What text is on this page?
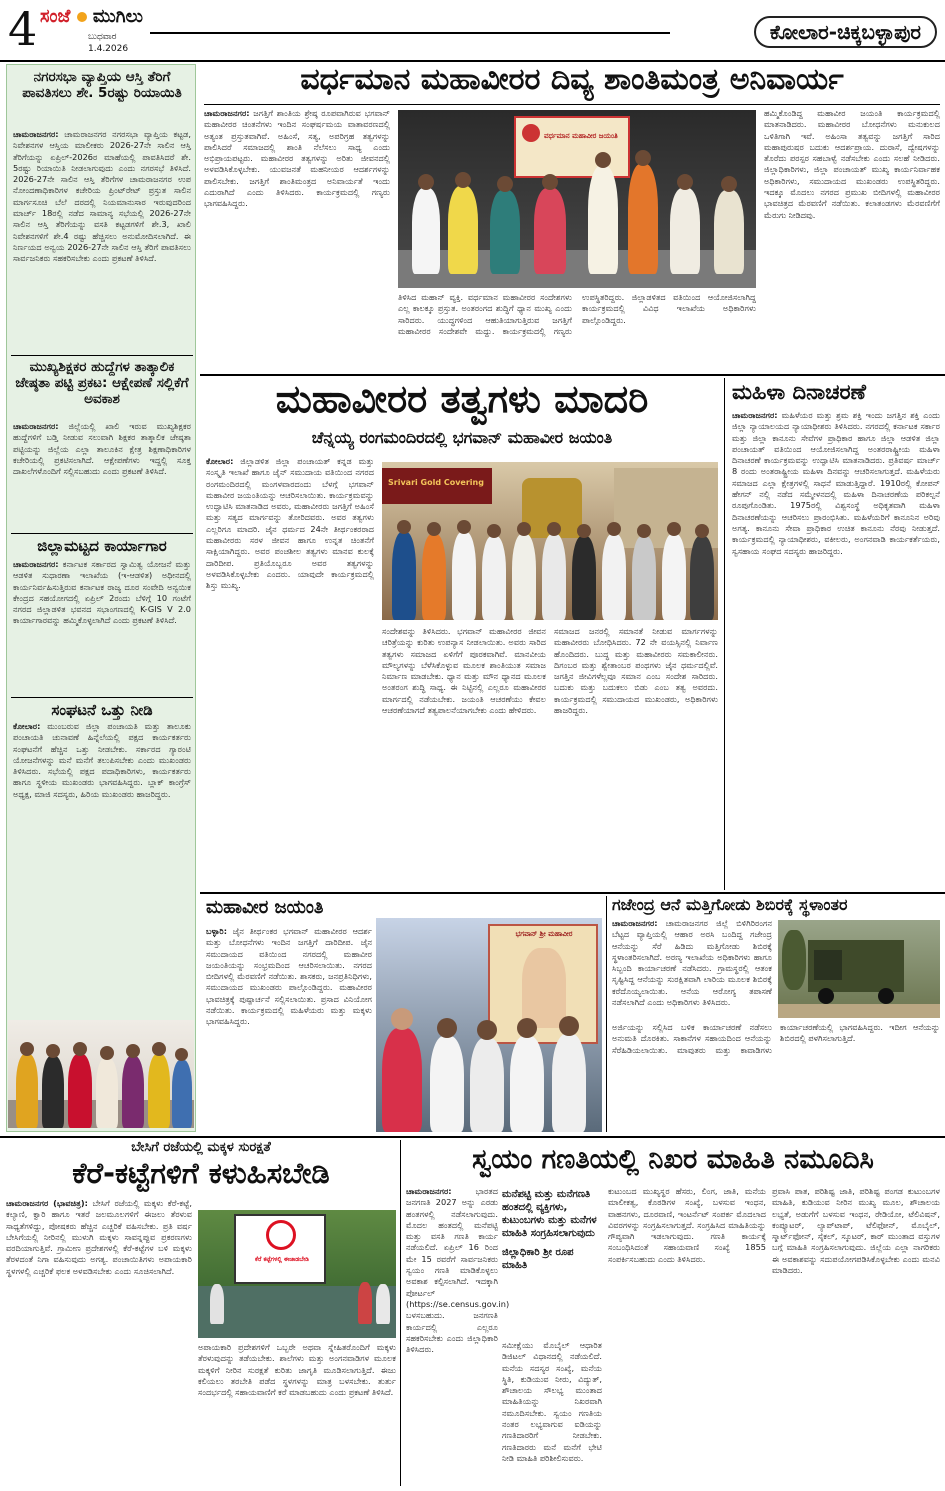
4 ಸಂಜೆ ಮುಗಿಲು
ಬುಧವಾರ
1.4.2026
ಕೋಲಾರ-ಚಿಕ್ಕಬಳ್ಳಾಪುರ
ನಗರಸಭಾ ವ್ಯಾಪ್ತಿಯ ಆಸ್ತಿ ತೆರಿಗೆ ಪಾವತಿಸಲು ಶೇ. 5ರಷ್ಟು ರಿಯಾಯಿತಿ
ಚಾಮರಾಜನಗರ: ಚಾಮರಾಜನಗರ ನಗರಸಭಾ ವ್ಯಾಪ್ತಿಯ ಕಟ್ಟಡ, ನಿವೇಶನಗಳ ಆಸ್ತಿಯ ಮಾಲೀಕರು 2026-27ನೇ ಸಾಲಿನ ಆಸ್ತಿ ತೆರಿಗೆಯನ್ನು ಏಪ್ರಿಲ್-2026ರ ಮಾಹೆಯಲ್ಲಿ ಪಾವತಿಸಿದರೆ ಶೇ. 5ರಷ್ಟು ರಿಯಾಯಿತಿ ನೀಡಲಾಗುವುದು ಎಂದು ನಗರಸಭೆ ತಿಳಿಸಿದೆ. 2026-27ನೇ ಸಾಲಿನ ಆಸ್ತಿ ತೆರಿಗೆಗಳ ಚಾಮರಾಜನಗರ ಉಪ ನೋಂದಣಾಧಿಕಾರಿಗಳ ಕಚೇರಿಯ ಪ್ರಿಂಟ್‌ರೇಟ್ ಪ್ರಸ್ತುತ ಸಾಲಿನ ಮಾರ್ಗಸೂಚಿ ಬೆಲೆ ದರದಲ್ಲಿ ನಿಯಮಾನುಸಾರ ಇರುವುದರಿಂದ ಮಾರ್ಚ್ 18ರಲ್ಲಿ ನಡೆದ ಸಾಮಾನ್ಯ ಸಭೆಯಲ್ಲಿ 2026-27ನೇ ಸಾಲಿನ ಆಸ್ತಿ ತೆರಿಗೆಯನ್ನು ವಸತಿ ಕಟ್ಟಡಗಳಿಗೆ ಶೇ.3, ಖಾಲಿ ನಿವೇಶನಗಳಿಗೆ ಶೇ.4 ರಷ್ಟು ಹೆಚ್ಚಿಸಲು ಅನುಮೋದಿಸಲಾಗಿದೆ. ಈ ನಿರ್ಣಯದ ಅನ್ವಯ 2026-27ನೇ ಸಾಲಿನ ಆಸ್ತಿ ತೆರಿಗೆ ಪಾವತಿಸಲು ಸಾರ್ವಜನಿಕರು ಸಹಕರಿಸಬೇಕು ಎಂದು ಪ್ರಕಟಣೆ ತಿಳಿಸಿದೆ.
ಮುಖ್ಯಶಿಕ್ಷಕರ ಹುದ್ದೆಗಳ ತಾತ್ಕಾಲಿಕ ಜೇಷ್ಠತಾ ಪಟ್ಟಿ ಪ್ರಕಟ: ಆಕ್ಷೇಪಣೆ ಸಲ್ಲಿಕೆಗೆ ಅವಕಾಶ
ಚಾಮರಾಜನಗರ: ಜಿಲ್ಲೆಯಲ್ಲಿ ಖಾಲಿ ಇರುವ ಮುಖ್ಯಶಿಕ್ಷಕರ ಹುದ್ದೆಗಳಿಗೆ ಬಡ್ತಿ ನೀಡುವ ಸಲುವಾಗಿ ಶಿಕ್ಷಕರ ತಾತ್ಕಾಲಿಕ ಜೇಷ್ಠತಾ ಪಟ್ಟಿಯನ್ನು ಜಿಲ್ಲೆಯ ಎಲ್ಲಾ ತಾಲೂಕಿನ ಕ್ಷೇತ್ರ ಶಿಕ್ಷಣಾಧಿಕಾರಿಗಳ ಕಚೇರಿಯಲ್ಲಿ ಪ್ರಕಟಿಸಲಾಗಿದೆ. ಆಕ್ಷೇಪಣೆಗಳು ಇದ್ದಲ್ಲಿ ಸೂಕ್ತ ದಾಖಲೆಗಳೊಂದಿಗೆ ಸಲ್ಲಿಸಬಹುದು ಎಂದು ಪ್ರಕಟಣೆ ತಿಳಿಸಿದೆ.
ಜಿಲ್ಲಾಮಟ್ಟದ ಕಾರ್ಯಾಗಾರ
ಚಾಮರಾಜನಗರ: ಕರ್ನಾಟಕ ಸರ್ಕಾರದ ಸ್ವಾಮಿತ್ವ ಯೋಜನೆ ಮತ್ತು ಆಡಳಿತ ಸುಧಾರಣಾ ಇಲಾಖೆಯ (ಇ-ಆಡಳಿತ) ಅಧೀನದಲ್ಲಿ ಕಾರ್ಯನಿರ್ವಹಿಸುತ್ತಿರುವ ಕರ್ನಾಟಕ ರಾಜ್ಯ ದೂರ ಸಂವೇದಿ ಅನ್ವಯಿಕ ಕೇಂದ್ರದ ಸಹಯೋಗದಲ್ಲಿ ಏಪ್ರಿಲ್ 2ರಂದು ಬೆಳಿಗ್ಗೆ 10 ಗಂಟೆಗೆ ನಗರದ ಜಿಲ್ಲಾಡಳಿತ ಭವನದ ಸಭಾಂಗಣದಲ್ಲಿ K-GIS V 2.0 ಕಾರ್ಯಾಗಾರವನ್ನು ಹಮ್ಮಿಕೊಳ್ಳಲಾಗಿದೆ ಎಂದು ಪ್ರಕಟಣೆ ತಿಳಿಸಿದೆ.
ಸಂಘಟನೆ ಒತ್ತು ನೀಡಿ
ಕೋಲಾರ: ಮುಂಬರುವ ಜಿಲ್ಲಾ ಪಂಚಾಯತಿ ಮತ್ತು ತಾಲೂಕು ಪಂಚಾಯತಿ ಚುನಾವಣೆ ಹಿನ್ನೆಲೆಯಲ್ಲಿ ಪಕ್ಷದ ಕಾರ್ಯಕರ್ತರು ಸಂಘಟನೆಗೆ ಹೆಚ್ಚಿನ ಒತ್ತು ನೀಡಬೇಕು. ಸರ್ಕಾರದ ಗ್ಯಾರಂಟಿ ಯೋಜನೆಗಳನ್ನು ಮನೆ ಮನೆಗೆ ತಲುಪಿಸಬೇಕು ಎಂದು ಮುಖಂಡರು ತಿಳಿಸಿದರು. ಸಭೆಯಲ್ಲಿ ಪಕ್ಷದ ಪದಾಧಿಕಾರಿಗಳು, ಕಾರ್ಯಕರ್ತರು ಹಾಗೂ ಸ್ಥಳೀಯ ಮುಖಂಡರು ಭಾಗವಹಿಸಿದ್ದರು. ಬ್ಲಾಕ್ ಕಾಂಗ್ರೆಸ್ ಅಧ್ಯಕ್ಷ, ಮಾಜಿ ಸದಸ್ಯರು, ಹಿರಿಯ ಮುಖಂಡರು ಹಾಜರಿದ್ದರು.
ವರ್ಧಮಾನ ಮಹಾವೀರರ ದಿವ್ಯ ಶಾಂತಿಮಂತ್ರ ಅನಿವಾರ್ಯ
ಚಾಮರಾಜನಗರ: ಜಗತ್ತಿಗೆ ಶಾಂತಿಯ ಶ್ರೇಷ್ಠ ರೂಪವಾಗಿರುವ ಭಗವಾನ್ ಮಹಾವೀರರ ಚಿಂತನೆಗಳು ಇಂದಿನ ಸಂಘರ್ಷಮಯ ವಾತಾವರಣದಲ್ಲಿ ಅತ್ಯಂತ ಪ್ರಸ್ತುತವಾಗಿವೆ. ಅಹಿಂಸೆ, ಸತ್ಯ, ಅಪರಿಗ್ರಹ ತತ್ವಗಳನ್ನು ಪಾಲಿಸಿದರೆ ಸಮಾಜದಲ್ಲಿ ಶಾಂತಿ ನೆಲೆಸಲು ಸಾಧ್ಯ ಎಂದು ಅಭಿಪ್ರಾಯಪಟ್ಟರು. ಮಹಾವೀರರ ತತ್ವಗಳನ್ನು ಅರಿತು ಜೀವನದಲ್ಲಿ ಅಳವಡಿಸಿಕೊಳ್ಳಬೇಕು. ಯುವಜನತೆ ಮಹನೀಯರ ಆದರ್ಶಗಳನ್ನು ಪಾಲಿಸಬೇಕು. ಜಗತ್ತಿಗೆ ಶಾಂತಿಮಂತ್ರದ ಅನಿವಾರ್ಯತೆ ಇಂದು ಎದುರಾಗಿದೆ ಎಂದು ತಿಳಿಸಿದರು. ಕಾರ್ಯಕ್ರಮದಲ್ಲಿ ಗಣ್ಯರು ಭಾಗವಹಿಸಿದ್ದರು.
ವರ್ಧಮಾನ ಮಹಾವೀರ ಜಯಂತಿ
ತಿಳಿಸಿದ ಮಹಾನ್ ವ್ಯಕ್ತಿ. ವರ್ಧಮಾನ ಮಹಾವೀರರ ಸಂದೇಶಗಳು ಎಲ್ಲ ಕಾಲಕ್ಕೂ ಪ್ರಸ್ತುತ. ಅಂತರಂಗದ ಶುದ್ಧಿಗೆ ಧ್ಯಾನ ಮುಖ್ಯ ಎಂದು ಸಾರಿದರು. ಯುದ್ಧಗಳಿಂದ ಆಹುತಿಯಾಗುತ್ತಿರುವ ಜಗತ್ತಿಗೆ ಮಹಾವೀರರ ಸಂದೇಶವೇ ಮದ್ದು. ಕಾರ್ಯಕ್ರಮದಲ್ಲಿ ಗಣ್ಯರು ಉಪಸ್ಥಿತರಿದ್ದರು. ಜಿಲ್ಲಾಡಳಿತದ ವತಿಯಿಂದ ಆಯೋಜಿಸಲಾಗಿದ್ದ ಕಾರ್ಯಕ್ರಮದಲ್ಲಿ ವಿವಿಧ ಇಲಾಖೆಯ ಅಧಿಕಾರಿಗಳು ಪಾಲ್ಗೊಂಡಿದ್ದರು.
ಹಮ್ಮಿಕೊಂಡಿದ್ದ ಮಹಾವೀರ ಜಯಂತಿ ಕಾರ್ಯಕ್ರಮದಲ್ಲಿ ಮಾತನಾಡಿದರು. ಮಹಾವೀರರ ಬೋಧನೆಗಳು ಮನುಕುಲದ ಒಳಿತಿಗಾಗಿ ಇವೆ. ಅಹಿಂಸಾ ತತ್ವವನ್ನು ಜಗತ್ತಿಗೆ ಸಾರಿದ ಮಹಾಪುರುಷರ ಬದುಕು ಆದರ್ಶಪ್ರಾಯ. ದುರಾಸೆ, ದ್ವೇಷಗಳನ್ನು ತೊರೆದು ಪರಸ್ಪರ ಸಹಬಾಳ್ವೆ ನಡೆಸಬೇಕು ಎಂದು ಸಲಹೆ ನೀಡಿದರು. ಜಿಲ್ಲಾಧಿಕಾರಿಗಳು, ಜಿಲ್ಲಾ ಪಂಚಾಯತ್ ಮುಖ್ಯ ಕಾರ್ಯನಿರ್ವಾಹಕ ಅಧಿಕಾರಿಗಳು, ಸಮುದಾಯದ ಮುಖಂಡರು ಉಪಸ್ಥಿತರಿದ್ದರು. ಇದಕ್ಕೂ ಮೊದಲು ನಗರದ ಪ್ರಮುಖ ಬೀದಿಗಳಲ್ಲಿ ಮಹಾವೀರರ ಭಾವಚಿತ್ರದ ಮೆರವಣಿಗೆ ನಡೆಯಿತು. ಕಲಾತಂಡಗಳು ಮೆರವಣಿಗೆಗೆ ಮೆರುಗು ನೀಡಿದವು.
ಮಹಾವೀರರ ತತ್ವಗಳು ಮಾದರಿ
ಚೆನ್ನಯ್ಯ ರಂಗಮಂದಿರದಲ್ಲಿ ಭಗವಾನ್ ಮಹಾವೀರ ಜಯಂತಿ
ಕೋಲಾರ: ಜಿಲ್ಲಾಡಳಿತ ಜಿಲ್ಲಾ ಪಂಚಾಯತ್ ಕನ್ನಡ ಮತ್ತು ಸಂಸ್ಕೃತಿ ಇಲಾಖೆ ಹಾಗೂ ಜೈನ್ ಸಮುದಾಯ ವತಿಯಿಂದ ನಗರದ ರಂಗಮಂದಿರದಲ್ಲಿ ಮಂಗಳವಾರದಂದು ಬೆಳಗ್ಗೆ ಭಗವಾನ್ ಮಹಾವೀರ ಜಯಂತಿಯನ್ನು ಆಚರಿಸಲಾಯಿತು. ಕಾರ್ಯಕ್ರಮವನ್ನು ಉದ್ಘಾಟಿಸಿ ಮಾತನಾಡಿದ ಅವರು, ಮಹಾವೀರರು ಜಗತ್ತಿಗೆ ಅಹಿಂಸೆ ಮತ್ತು ಸತ್ಯದ ಮಾರ್ಗವನ್ನು ತೋರಿದವರು. ಅವರ ತತ್ವಗಳು ಎಲ್ಲರಿಗೂ ಮಾದರಿ. ಜೈನ ಧರ್ಮದ 24ನೇ ತೀರ್ಥಂಕರರಾದ ಮಹಾವೀರರು ಸರಳ ಜೀವನ ಹಾಗೂ ಉನ್ನತ ಚಿಂತನೆಗೆ ಸಾಕ್ಷಿಯಾಗಿದ್ದರು. ಅವರ ಪಂಚಶೀಲ ತತ್ವಗಳು ಮಾನವ ಕುಲಕ್ಕೆ ದಾರಿದೀಪ. ಪ್ರತಿಯೊಬ್ಬರೂ ಅವರ ತತ್ವಗಳನ್ನು ಅಳವಡಿಸಿಕೊಳ್ಳಬೇಕು ಎಂದರು. ಯಾವುದೇ ಕಾರ್ಯಕ್ರಮದಲ್ಲಿ ಶಿಸ್ತು ಮುಖ್ಯ.
Srivari Gold Covering
ಸಂದೇಶವನ್ನು ತಿಳಿಸಿದರು. ಭಗವಾನ್ ಮಹಾವೀರರ ಜೀವನ ಚರಿತ್ರೆಯನ್ನು ಕುರಿತು ಉಪನ್ಯಾಸ ನೀಡಲಾಯಿತು. ಅವರು ಸಾರಿದ ತತ್ವಗಳು ಸಮಾಜದ ಏಳಿಗೆಗೆ ಪೂರಕವಾಗಿವೆ. ಮಾನವೀಯ ಮೌಲ್ಯಗಳನ್ನು ಬೆಳೆಸಿಕೊಳ್ಳುವ ಮೂಲಕ ಶಾಂತಿಯುತ ಸಮಾಜ ನಿರ್ಮಾಣ ಮಾಡಬೇಕು. ಧ್ಯಾನ ಮತ್ತು ಮೌನ ಧ್ಯಾನದ ಮೂಲಕ ಅಂತರಂಗ ಶುದ್ಧಿ ಸಾಧ್ಯ. ಈ ನಿಟ್ಟಿನಲ್ಲಿ ಎಲ್ಲರೂ ಮಹಾವೀರರ ಮಾರ್ಗದಲ್ಲಿ ನಡೆಯಬೇಕು. ಜಯಂತಿ ಆಚರಣೆಯು ಕೇವಲ ಆಚರಣೆಯಾಗದೆ ತತ್ವಪಾಲನೆಯಾಗಬೇಕು ಎಂದು ಹೇಳಿದರು.
ಸಮಾಜದ ಜನರಲ್ಲಿ ಸಮಾನತೆ ನೀಡುವ ಮಾರ್ಗಗಳನ್ನು ಮಹಾವೀರರು ಬೋಧಿಸಿದರು. 72 ನೇ ವಯಸ್ಸಿನಲ್ಲಿ ನಿರ್ವಾಣ ಹೊಂದಿದರು. ಬುದ್ಧ ಮತ್ತು ಮಹಾವೀರರು ಸಮಕಾಲೀನರು. ದಿಗಂಬರ ಮತ್ತು ಶ್ವೇತಾಂಬರ ಪಂಥಗಳು ಜೈನ ಧರ್ಮದಲ್ಲಿವೆ. ಜಗತ್ತಿನ ಜೀವಿಗಳೆಲ್ಲವೂ ಸಮಾನ ಎಂಬ ಸಂದೇಶ ಸಾರಿದರು. ಬದುಕು ಮತ್ತು ಬದುಕಲು ಬಿಡು ಎಂಬ ತತ್ವ ಅವರದು. ಕಾರ್ಯಕ್ರಮದಲ್ಲಿ ಸಮುದಾಯದ ಮುಖಂಡರು, ಅಧಿಕಾರಿಗಳು ಹಾಜರಿದ್ದರು.
ಮಹಿಳಾ ದಿನಾಚರಣೆ
ಚಾಮರಾಜನಗರ: ಮಹಿಳೆಯರ ಮತ್ತು ಶ್ರಮ ಶಕ್ತಿ ಇಂದು ಜಗತ್ತಿನ ಶಕ್ತಿ ಎಂದು ಜಿಲ್ಲಾ ನ್ಯಾಯಾಲಯದ ನ್ಯಾಯಾಧೀಶರು ತಿಳಿಸಿದರು. ನಗರದಲ್ಲಿ ಕರ್ನಾಟಕ ಸರ್ಕಾರ ಮತ್ತು ಜಿಲ್ಲಾ ಕಾನೂನು ಸೇವೆಗಳ ಪ್ರಾಧಿಕಾರ ಹಾಗೂ ಜಿಲ್ಲಾ ಆಡಳಿತ ಜಿಲ್ಲಾ ಪಂಚಾಯತ್ ವತಿಯಿಂದ ಆಯೋಜಿಸಲಾಗಿದ್ದ ಅಂತರರಾಷ್ಟ್ರೀಯ ಮಹಿಳಾ ದಿನಾಚರಣೆ ಕಾರ್ಯಕ್ರಮವನ್ನು ಉದ್ಘಾಟಿಸಿ ಮಾತನಾಡಿದರು. ಪ್ರತಿವರ್ಷ ಮಾರ್ಚ್ 8 ರಂದು ಅಂತರಾಷ್ಟ್ರೀಯ ಮಹಿಳಾ ದಿನವನ್ನು ಆಚರಿಸಲಾಗುತ್ತದೆ. ಮಹಿಳೆಯರು ಸಮಾಜದ ಎಲ್ಲಾ ಕ್ಷೇತ್ರಗಳಲ್ಲಿ ಸಾಧನೆ ಮಾಡುತ್ತಿದ್ದಾರೆ. 1910ರಲ್ಲಿ ಕೋಪನ್ ಹೇಗನ್ ನಲ್ಲಿ ನಡೆದ ಸಮ್ಮೇಳನದಲ್ಲಿ ಮಹಿಳಾ ದಿನಾಚರಣೆಯ ಪರಿಕಲ್ಪನೆ ರೂಪುಗೊಂಡಿತು. 1975ರಲ್ಲಿ ವಿಶ್ವಸಂಸ್ಥೆ ಅಧಿಕೃತವಾಗಿ ಮಹಿಳಾ ದಿನಾಚರಣೆಯನ್ನು ಆಚರಿಸಲು ಪ್ರಾರಂಭಿಸಿತು. ಮಹಿಳೆಯರಿಗೆ ಕಾನೂನಿನ ಅರಿವು ಅಗತ್ಯ. ಕಾನೂನು ಸೇವಾ ಪ್ರಾಧಿಕಾರ ಉಚಿತ ಕಾನೂನು ನೆರವು ನೀಡುತ್ತದೆ. ಕಾರ್ಯಕ್ರಮದಲ್ಲಿ ನ್ಯಾಯಾಧೀಶರು, ವಕೀಲರು, ಅಂಗನವಾಡಿ ಕಾರ್ಯಕರ್ತೆಯರು, ಸ್ವಸಹಾಯ ಸಂಘದ ಸದಸ್ಯರು ಹಾಜರಿದ್ದರು.
ಮಹಾವೀರ ಜಯಂತಿ
ಬಳ್ಳಾರಿ: ಜೈನ ತೀರ್ಥಂಕರ ಭಗವಾನ್ ಮಹಾವೀರರ ಆದರ್ಶ ಮತ್ತು ಬೋಧನೆಗಳು ಇಂದಿನ ಜಗತ್ತಿಗೆ ದಾರಿದೀಪ. ಜೈನ ಸಮುದಾಯದ ವತಿಯಿಂದ ನಗರದಲ್ಲಿ ಮಹಾವೀರ ಜಯಂತಿಯನ್ನು ಸಂಭ್ರಮದಿಂದ ಆಚರಿಸಲಾಯಿತು. ನಗರದ ಬೀದಿಗಳಲ್ಲಿ ಮೆರವಣಿಗೆ ನಡೆಯಿತು. ಶಾಸಕರು, ಜನಪ್ರತಿನಿಧಿಗಳು, ಸಮುದಾಯದ ಮುಖಂಡರು ಪಾಲ್ಗೊಂಡಿದ್ದರು. ಮಹಾವೀರರ ಭಾವಚಿತ್ರಕ್ಕೆ ಪುಷ್ಪಾರ್ಚನೆ ಸಲ್ಲಿಸಲಾಯಿತು. ಪ್ರಸಾದ ವಿನಿಯೋಗ ನಡೆಯಿತು. ಕಾರ್ಯಕ್ರಮದಲ್ಲಿ ಮಹಿಳೆಯರು ಮತ್ತು ಮಕ್ಕಳು ಭಾಗವಹಿಸಿದ್ದರು.
ಭಗವಾನ್ ಶ್ರೀ ಮಹಾವೀರ
ಗಜೇಂದ್ರ ಆನೆ ಮತ್ತಿಗೋಡು ಶಿಬಿರಕ್ಕೆ ಸ್ಥಳಾಂತರ
ಚಾಮರಾಜನಗರ: ಚಾಮರಾಜನಗರ ಜಿಲ್ಲೆ ಬಿಳಿಗಿರಿರಂಗನ ಬೆಟ್ಟದ ವ್ಯಾಪ್ತಿಯಲ್ಲಿ ಆಹಾರ ಅರಸಿ ಬಂದಿದ್ದ ಗಜೇಂದ್ರ ಆನೆಯನ್ನು ಸೆರೆ ಹಿಡಿದು ಮತ್ತಿಗೋಡು ಶಿಬಿರಕ್ಕೆ ಸ್ಥಳಾಂತರಿಸಲಾಗಿದೆ. ಅರಣ್ಯ ಇಲಾಖೆಯ ಅಧಿಕಾರಿಗಳು ಹಾಗೂ ಸಿಬ್ಬಂದಿ ಕಾರ್ಯಾಚರಣೆ ನಡೆಸಿದರು. ಗ್ರಾಮಸ್ಥರಲ್ಲಿ ಆತಂಕ ಸೃಷ್ಟಿಸಿದ್ದ ಆನೆಯನ್ನು ಸುರಕ್ಷಿತವಾಗಿ ಲಾರಿಯ ಮೂಲಕ ಶಿಬಿರಕ್ಕೆ ಕರೆದೊಯ್ಯಲಾಯಿತು. ಆನೆಯ ಆರೋಗ್ಯ ತಪಾಸಣೆ ನಡೆಸಲಾಗಿದೆ ಎಂದು ಅಧಿಕಾರಿಗಳು ತಿಳಿಸಿದರು.
ಅರ್ಜಿಯನ್ನು ಸಲ್ಲಿಸಿದ ಬಳಿಕ ಕಾರ್ಯಾಚರಣೆ ನಡೆಸಲು ಅನುಮತಿ ದೊರಕಿತು. ಸಾಕಾನೆಗಳ ಸಹಾಯದಿಂದ ಆನೆಯನ್ನು ಸೆರೆಹಿಡಿಯಲಾಯಿತು. ಮಾವುತರು ಮತ್ತು ಕಾವಾಡಿಗಳು ಕಾರ್ಯಾಚರಣೆಯಲ್ಲಿ ಭಾಗವಹಿಸಿದ್ದರು. ಇದೀಗ ಆನೆಯನ್ನು ಶಿಬಿರದಲ್ಲಿ ಪಳಗಿಸಲಾಗುತ್ತಿದೆ.
ಬೇಸಿಗೆ ರಜೆಯಲ್ಲಿ ಮಕ್ಕಳ ಸುರಕ್ಷತೆ
ಕೆರೆ-ಕಟ್ಟೆಗಳಿಗೆ ಕಳುಹಿಸಬೇಡಿ
ಚಾಮರಾಜನಗರ (ಭಾವಚಿತ್ರ): ಬೇಸಿಗೆ ರಜೆಯಲ್ಲಿ ಮಕ್ಕಳು ಕೆರೆ-ಕಟ್ಟೆ, ಕಲ್ಯಾಣಿ, ಕ್ವಾರಿ ಹಾಗೂ ಇತರೆ ಜಲಮೂಲಗಳಿಗೆ ಈಜಲು ತೆರಳುವ ಸಾಧ್ಯತೆಗಳಿದ್ದು, ಪೋಷಕರು ಹೆಚ್ಚಿನ ಎಚ್ಚರಿಕೆ ವಹಿಸಬೇಕು. ಪ್ರತಿ ವರ್ಷ ಬೇಸಿಗೆಯಲ್ಲಿ ನೀರಿನಲ್ಲಿ ಮುಳುಗಿ ಮಕ್ಕಳು ಸಾವನ್ನಪ್ಪುವ ಪ್ರಕರಣಗಳು ವರದಿಯಾಗುತ್ತಿವೆ. ಗ್ರಾಮೀಣ ಪ್ರದೇಶಗಳಲ್ಲಿ ಕೆರೆ-ಕಟ್ಟೆಗಳ ಬಳಿ ಮಕ್ಕಳು ತೆರಳದಂತೆ ನಿಗಾ ವಹಿಸುವುದು ಅಗತ್ಯ. ಪಂಚಾಯಿತಿಗಳು ಅಪಾಯಕಾರಿ ಸ್ಥಳಗಳಲ್ಲಿ ಎಚ್ಚರಿಕೆ ಫಲಕ ಅಳವಡಿಸಬೇಕು ಎಂದು ಸೂಚಿಸಲಾಗಿದೆ.
ಕೆರೆ ಕಟ್ಟೆಗಳಲ್ಲಿ ಈಜಾಡಬೇಡಿ
ಅಪಾಯಕಾರಿ ಪ್ರದೇಶಗಳಿಗೆ ಒಬ್ಬರೇ ಅಥವಾ ಸ್ನೇಹಿತರೊಂದಿಗೆ ಮಕ್ಕಳು ತೆರಳುವುದನ್ನು ತಡೆಯಬೇಕು. ಶಾಲೆಗಳು ಮತ್ತು ಅಂಗನವಾಡಿಗಳ ಮೂಲಕ ಮಕ್ಕಳಿಗೆ ನೀರಿನ ಸುರಕ್ಷತೆ ಕುರಿತು ಜಾಗೃತಿ ಮೂಡಿಸಲಾಗುತ್ತಿದೆ. ಈಜು ಕಲಿಯಲು ತರಬೇತಿ ಪಡೆದ ಸ್ಥಳಗಳನ್ನು ಮಾತ್ರ ಬಳಸಬೇಕು. ತುರ್ತು ಸಂದರ್ಭದಲ್ಲಿ ಸಹಾಯವಾಣಿಗೆ ಕರೆ ಮಾಡಬಹುದು ಎಂದು ಪ್ರಕಟಣೆ ತಿಳಿಸಿದೆ.
ಸ್ವಯಂ ಗಣತಿಯಲ್ಲಿ ನಿಖರ ಮಾಹಿತಿ ನಮೂದಿಸಿ
ಚಾಮರಾಜನಗರ:	ಭಾರತದ ಜನಗಣತಿ 2027 ಅನ್ನು ಎರಡು ಹಂತಗಳಲ್ಲಿ ನಡೆಸಲಾಗುವುದು. ಮೊದಲ ಹಂತದಲ್ಲಿ ಮನೆಪಟ್ಟಿ ಮತ್ತು ವಸತಿ ಗಣತಿ ಕಾರ್ಯ ನಡೆಯಲಿದೆ. ಏಪ್ರಿಲ್ 16 ರಿಂದ ಮೇ 15 ರವರೆಗೆ ಸಾರ್ವಜನಿಕರು ಸ್ವಯಂ ಗಣತಿ ಮಾಡಿಕೊಳ್ಳಲು ಅವಕಾಶ ಕಲ್ಪಿಸಲಾಗಿದೆ. ಇದಕ್ಕಾಗಿ ಪೋರ್ಟಲ್ (https://se.census.gov.in) ಬಳಸಬಹುದು. ಜನಗಣತಿ ಕಾರ್ಯದಲ್ಲಿ ಎಲ್ಲರೂ ಸಹಕರಿಸಬೇಕು ಎಂದು ಜಿಲ್ಲಾಧಿಕಾರಿ ತಿಳಿಸಿದರು.
ಮನೆಪಟ್ಟಿ ಮತ್ತು ಮನೆಗಣತಿ ಹಂತದಲ್ಲಿ ವ್ಯಕ್ತಿಗಳು, ಕುಟುಂಬಗಳು ಮತ್ತು ಮನೆಗಳ ಮಾಹಿತಿ ಸಂಗ್ರಹಿಸಲಾಗುವುದು
ಜಿಲ್ಲಾಧಿಕಾರಿ ಶ್ರೀ ರೂಪ ಮಾಹಿತಿ
ಸಮೀಕ್ಷೆಯು ಮೊಬೈಲ್ ಆಧಾರಿತ ಡಿಜಿಟಲ್ ವಿಧಾನದಲ್ಲಿ ನಡೆಯಲಿದೆ. ಮನೆಯ ಸದಸ್ಯರ ಸಂಖ್ಯೆ, ಮನೆಯ ಸ್ಥಿತಿ, ಕುಡಿಯುವ ನೀರು, ವಿದ್ಯುತ್, ಶೌಚಾಲಯ ಸೌಲಭ್ಯ ಮುಂತಾದ ಮಾಹಿತಿಯನ್ನು ನಿಖರವಾಗಿ ನಮೂದಿಸಬೇಕು. ಸ್ವಯಂ ಗಣತಿಯ ನಂತರ ಲಭ್ಯವಾಗುವ ಐಡಿಯನ್ನು ಗಣತಿದಾರರಿಗೆ ನೀಡಬೇಕು. ಗಣತಿದಾರರು ಮನೆ ಮನೆಗೆ ಭೇಟಿ ನೀಡಿ ಮಾಹಿತಿ ಪರಿಶೀಲಿಸುವರು.
ಕುಟುಂಬದ ಮುಖ್ಯಸ್ಥರ ಹೆಸರು, ಲಿಂಗ, ಜಾತಿ, ಮನೆಯ ಮಾಲೀಕತ್ವ, ಕೊಠಡಿಗಳ ಸಂಖ್ಯೆ, ಬಳಸುವ ಇಂಧನ, ವಾಹನಗಳು, ದೂರವಾಣಿ, ಇಂಟರ್ನೆಟ್ ಸಂಪರ್ಕ ಮೊದಲಾದ ವಿವರಗಳನ್ನು ಸಂಗ್ರಹಿಸಲಾಗುತ್ತದೆ. ಸಂಗ್ರಹಿಸಿದ ಮಾಹಿತಿಯನ್ನು ಗೌಪ್ಯವಾಗಿ ಇಡಲಾಗುವುದು. ಗಣತಿ ಕಾರ್ಯಕ್ಕೆ ಸಂಬಂಧಿಸಿದಂತೆ ಸಹಾಯವಾಣಿ ಸಂಖ್ಯೆ 1855 ಸಂಪರ್ಕಿಸಬಹುದು ಎಂದು ತಿಳಿಸಿದರು.
ಪ್ರವಾಸಿ ಪಾತ, ಪರಿಶಿಷ್ಟ ಜಾತಿ, ಪರಿಶಿಷ್ಟ ಪಂಗಡ ಕುಟುಂಬಗಳ ಮಾಹಿತಿ, ಕುಡಿಯುವ ನೀರಿನ ಮುಖ್ಯ ಮೂಲ, ಶೌಚಾಲಯ ಲಭ್ಯತೆ, ಅಡುಗೆಗೆ ಬಳಸುವ ಇಂಧನ, ರೇಡಿಯೋ, ಟೆಲಿವಿಷನ್, ಕಂಪ್ಯೂಟರ್, ಲ್ಯಾಪ್‌ಟಾಪ್, ಟೆಲಿಫೋನ್, ಮೊಬೈಲ್, ಸ್ಮಾರ್ಟ್‌ಫೋನ್, ಸೈಕಲ್, ಸ್ಕೂಟರ್, ಕಾರ್ ಮುಂತಾದ ವಸ್ತುಗಳ ಬಗ್ಗೆ ಮಾಹಿತಿ ಸಂಗ್ರಹಿಸಲಾಗುವುದು. ಜಿಲ್ಲೆಯ ಎಲ್ಲಾ ನಾಗರಿಕರು ಈ ಅವಕಾಶವನ್ನು ಸದುಪಯೋಗಪಡಿಸಿಕೊಳ್ಳಬೇಕು ಎಂದು ಮನವಿ ಮಾಡಿದರು.
